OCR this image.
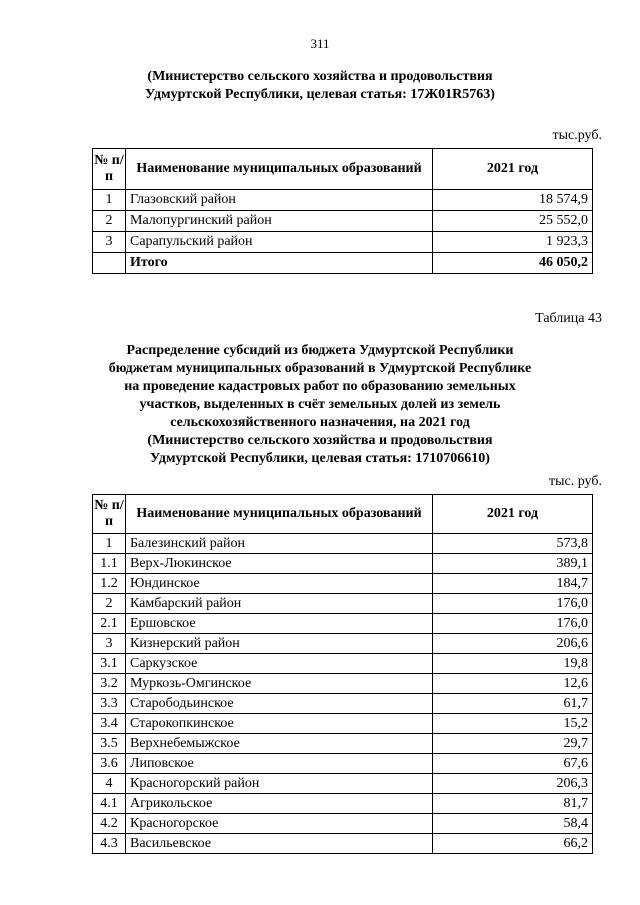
311
(Министерство сельского хозяйства и продовольствия
Удмуртской Республики, целевая статья: 17Ж01R5763)
тыс.руб.
№ п/п	Наименование муниципальных образований	2021 год
1	Глазовский район	18 574,9
2	Малопургинский район	25 552,0
3	Сарапульский район	1 923,3
	Итого	46 050,2
Таблица 43
Распределение субсидий из бюджета Удмуртской Республики
бюджетам муниципальных образований в Удмуртской Республике
на проведение кадастровых работ по образованию земельных
участков, выделенных в счёт земельных долей из земель
сельскохозяйственного назначения, на 2021 год
(Министерство сельского хозяйства и продовольствия
Удмуртской Республики, целевая статья: 1710706610)
тыс. руб.
№ п/п	Наименование муниципальных образований	2021 год
1	Балезинский район	573,8
1.1	Верх-Люкинское	389,1
1.2	Юндинское	184,7
2	Камбарский район	176,0
2.1	Ершовское	176,0
3	Кизнерский район	206,6
3.1	Саркузское	19,8
3.2	Муркозь-Омгинское	12,6
3.3	Старободьинское	61,7
3.4	Старокопкинское	15,2
3.5	Верхнебемыжское	29,7
3.6	Липовское	67,6
4	Красногорский район	206,3
4.1	Агрикольское	81,7
4.2	Красногорское	58,4
4.3	Васильевское	66,2
